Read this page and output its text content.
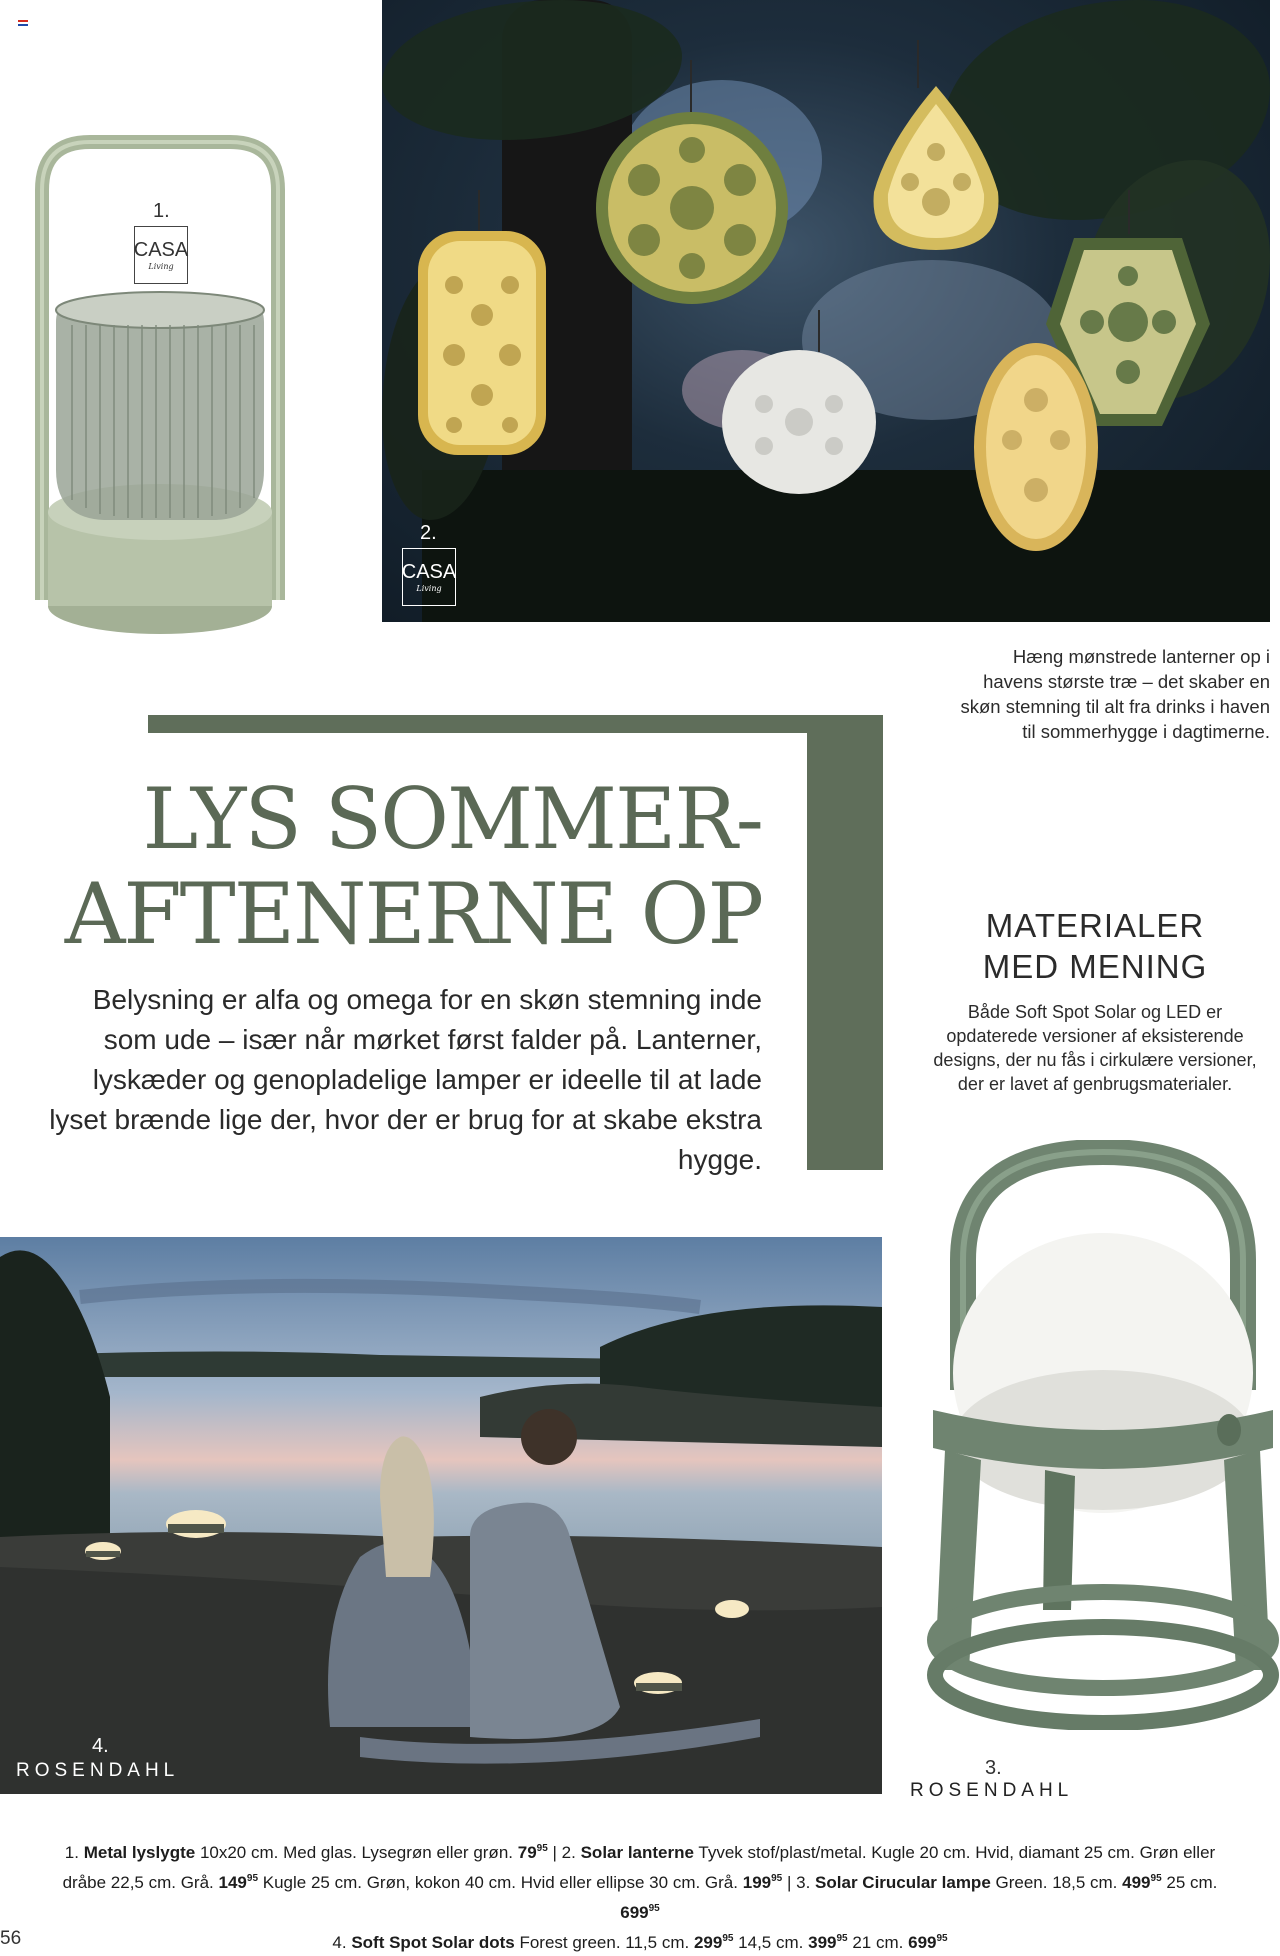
1.
CASA
Living
2.
CASA
Living
Hæng mønstrede lanterner op i havens største træ – det skaber en skøn stemning til alt fra drinks i haven til sommerhygge i dagtimerne.
LYS SOMMER-
AFTENERNE OP
Belysning er alfa og omega for en skøn stemning inde som ude – især når mørket først falder på. Lanterner, lyskæder og genopladelige lamper er ideelle til at lade lyset brænde lige der, hvor der er brug for at skabe ekstra hygge.
MATERIALER
MED MENING
Både Soft Spot Solar og LED er opdaterede versioner af eksisterende designs, der nu fås i cirkulære versioner, der er lavet af genbrugsmaterialer.
4.
ROSENDAHL	3.
ROSENDAHL
1. Metal lyslygte 10x20 cm. Med glas. Lysegrøn eller grøn. $79^{95}$ | 2. Solar lanterne Tyvek stof/plast/metal. Kugle 20 cm. Hvid, diamant 25 cm. Grøn eller dråbe 22,5 cm. Grå. $149^{95}$ Kugle 25 cm. Grøn, kokon 40 cm. Hvid eller ellipse 30 cm. Grå. $199^{95}$ | 3. Solar Cirucular lampe Green. 18,5 cm. $499^{95}$ 25 cm. $699^{95}$
4. Soft Spot Solar dots Forest green. 11,5 cm. $299^{95}$ 14,5 cm. $399^{95}$ 21 cm. $699^{95}$
56
